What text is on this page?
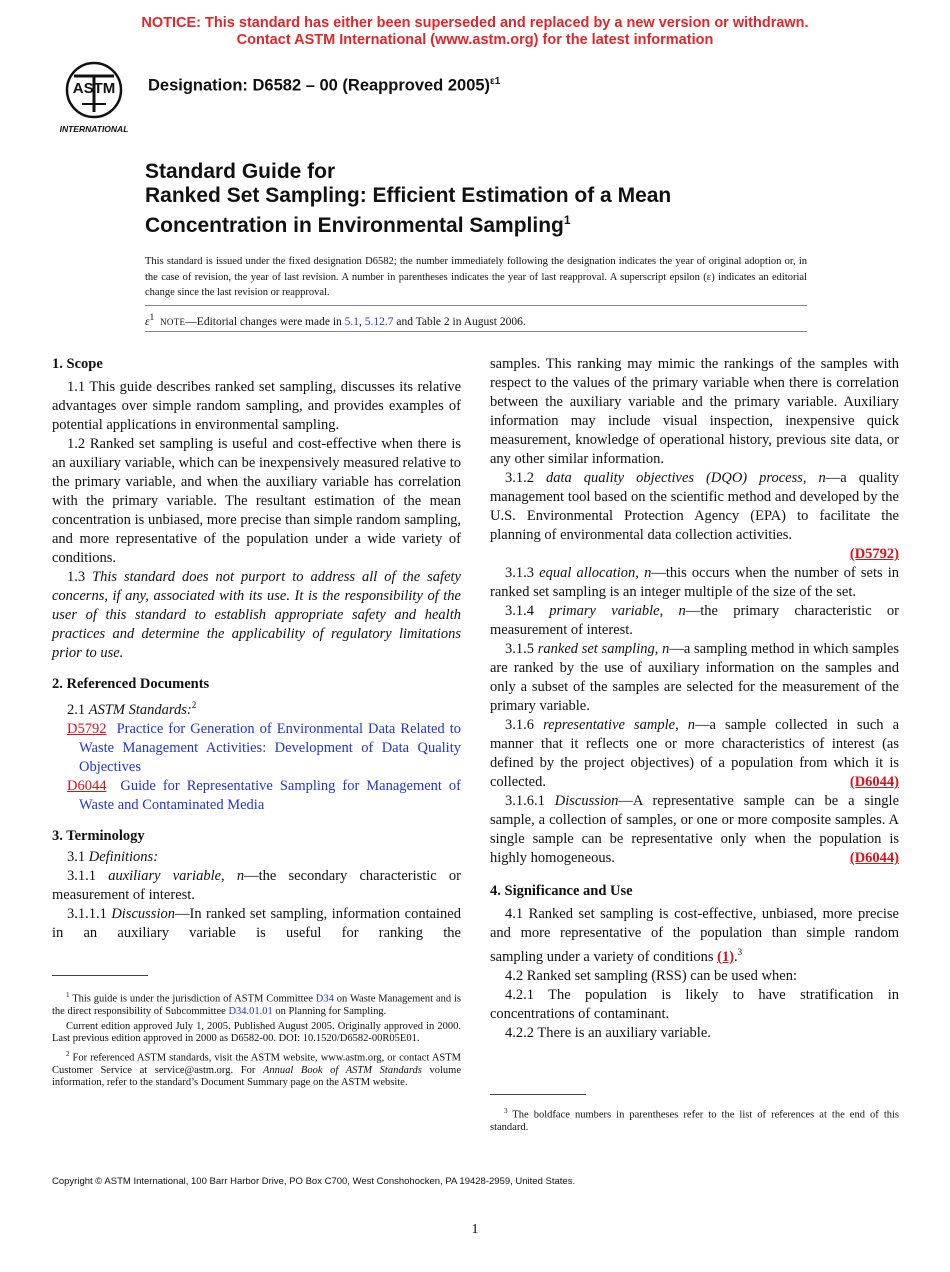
NOTICE: This standard has either been superseded and replaced by a new version or withdrawn.
Contact ASTM International (www.astm.org) for the latest information
ASTM
INTERNATIONAL
Designation: D6582 – 00 (Reapproved 2005)$^{\varepsilon 1}$
Standard Guide for
Ranked Set Sampling: Efficient Estimation of a Mean
Concentration in Environmental Sampling$^1$
This standard is issued under the fixed designation D6582; the number immediately following the designation indicates the year of original adoption or, in the case of revision, the year of last revision. A number in parentheses indicates the year of last reapproval. A superscript epsilon (ε) indicates an editorial change since the last revision or reapproval.
$\varepsilon^1$ NOTE—Editorial changes were made in 5.1, 5.12.7 and Table 2 in August 2006.

1. Scope

1.1 This guide describes ranked set sampling, discusses its relative advantages over simple random sampling, and provides examples of potential applications in environmental sampling.

1.2 Ranked set sampling is useful and cost-effective when there is an auxiliary variable, which can be inexpensively measured relative to the primary variable, and when the auxiliary variable has correlation with the primary variable. The resultant estimation of the mean concentration is unbiased, more precise than simple random sampling, and more representative of the population under a wide variety of conditions.

1.3 This standard does not purport to address all of the safety concerns, if any, associated with its use. It is the responsibility of the user of this standard to establish appropriate safety and health practices and determine the applicability of regulatory limitations prior to use.

2. Referenced Documents

2.1 ASTM Standards:$^2$

D5792 Practice for Generation of Environmental Data Related to Waste Management Activities: Development of Data Quality Objectives

D6044 Guide for Representative Sampling for Management of Waste and Contaminated Media

3. Terminology

3.1 Definitions:

3.1.1 auxiliary variable, n—the secondary characteristic or measurement of interest.

3.1.1.1 Discussion—In ranked set sampling, information contained in an auxiliary variable is useful for ranking the

$^1$ This guide is under the jurisdiction of ASTM Committee D34 on Waste Management and is the direct responsibility of Subcommittee D34.01.01 on Planning for Sampling.

Current edition approved July 1, 2005. Published August 2005. Originally approved in 2000. Last previous edition approved in 2000 as D6582-00. DOI: 10.1520/D6582-00R05E01.

$^2$ For referenced ASTM standards, visit the ASTM website, www.astm.org, or contact ASTM Customer Service at service@astm.org. For Annual Book of ASTM Standards volume information, refer to the standard’s Document Summary page on the ASTM website.

samples. This ranking may mimic the rankings of the samples with respect to the values of the primary variable when there is correlation between the auxiliary variable and the primary variable. Auxiliary information may include visual inspection, inexpensive quick measurement, knowledge of operational history, previous site data, or any other similar information.

3.1.2 data quality objectives (DQO) process, n—a quality management tool based on the scientific method and developed by the U.S. Environmental Protection Agency (EPA) to facilitate the planning of environmental data collection activities.

(D5792)

3.1.3 equal allocation, n—this occurs when the number of sets in ranked set sampling is an integer multiple of the size of the set.

3.1.4 primary variable, n—the primary characteristic or measurement of interest.

3.1.5 ranked set sampling, n—a sampling method in which samples are ranked by the use of auxiliary information on the samples and only a subset of the samples are selected for the measurement of the primary variable.

3.1.6 representative sample, n—a sample collected in such a manner that it reflects one or more characteristics of interest (as defined by the project objectives) of a population from which it is collected.	(D6044)

3.1.6.1 Discussion—A representative sample can be a single sample, a collection of samples, or one or more composite samples. A single sample can be representative only when the population is highly homogeneous.	(D6044)

4. Significance and Use

4.1 Ranked set sampling is cost-effective, unbiased, more precise and more representative of the population than simple random sampling under a variety of conditions (1).$^3$

4.2 Ranked set sampling (RSS) can be used when:

4.2.1 The population is likely to have stratification in concentrations of contaminant.

4.2.2 There is an auxiliary variable.

$^3$ The boldface numbers in parentheses refer to the list of references at the end of this standard.

Copyright © ASTM International, 100 Barr Harbor Drive, PO Box C700, West Conshohocken, PA 19428-2959, United States.
1
